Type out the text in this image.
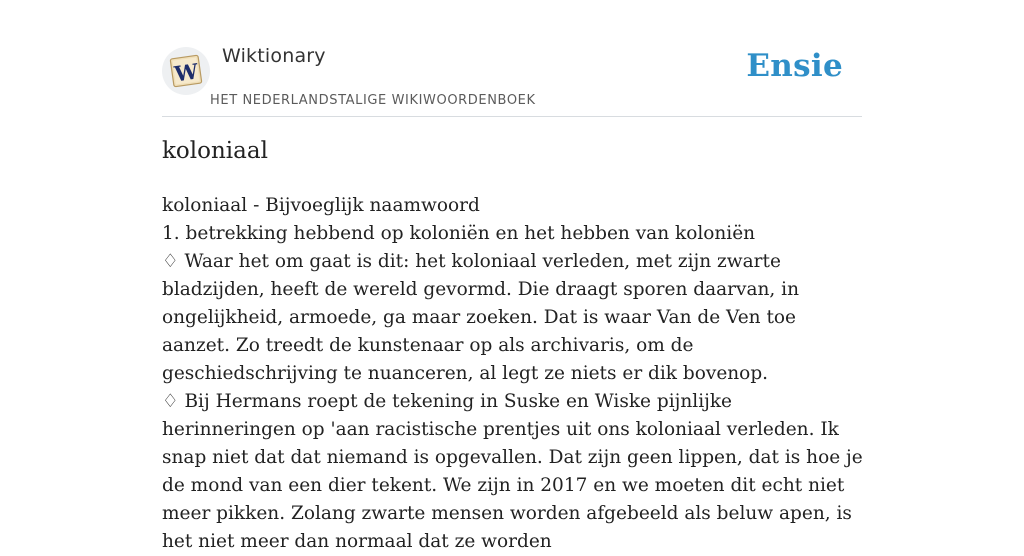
W
Wiktionary
HET NEDERLANDSTALIGE WIKIWOORDENBOEK
Ensie
koloniaal

koloniaal - Bijvoeglijk naamwoord

1. betrekking hebbend op koloniën en het hebben van koloniën

♢ Waar het om gaat is dit: het koloniaal verleden, met zijn zwarte bladzijden, heeft de wereld gevormd. Die draagt sporen daarvan, in ongelijkheid, armoede, ga maar zoeken. Dat is waar Van de Ven toe aanzet. Zo treedt de kunstenaar op als archivaris, om de geschiedschrijving te nuanceren, al legt ze niets er dik bovenop.

♢ Bij Hermans roept de tekening in Suske en Wiske pijnlijke herinneringen op 'aan racistische prentjes uit ons koloniaal verleden. Ik snap niet dat dat niemand is opgevallen. Dat zijn geen lippen, dat is hoe je de mond van een dier tekent. We zijn in 2017 en we moeten dit echt niet meer pikken. Zolang zwarte mensen worden afgebeeld als beluw apen, is het niet meer dan normaal dat ze worden
